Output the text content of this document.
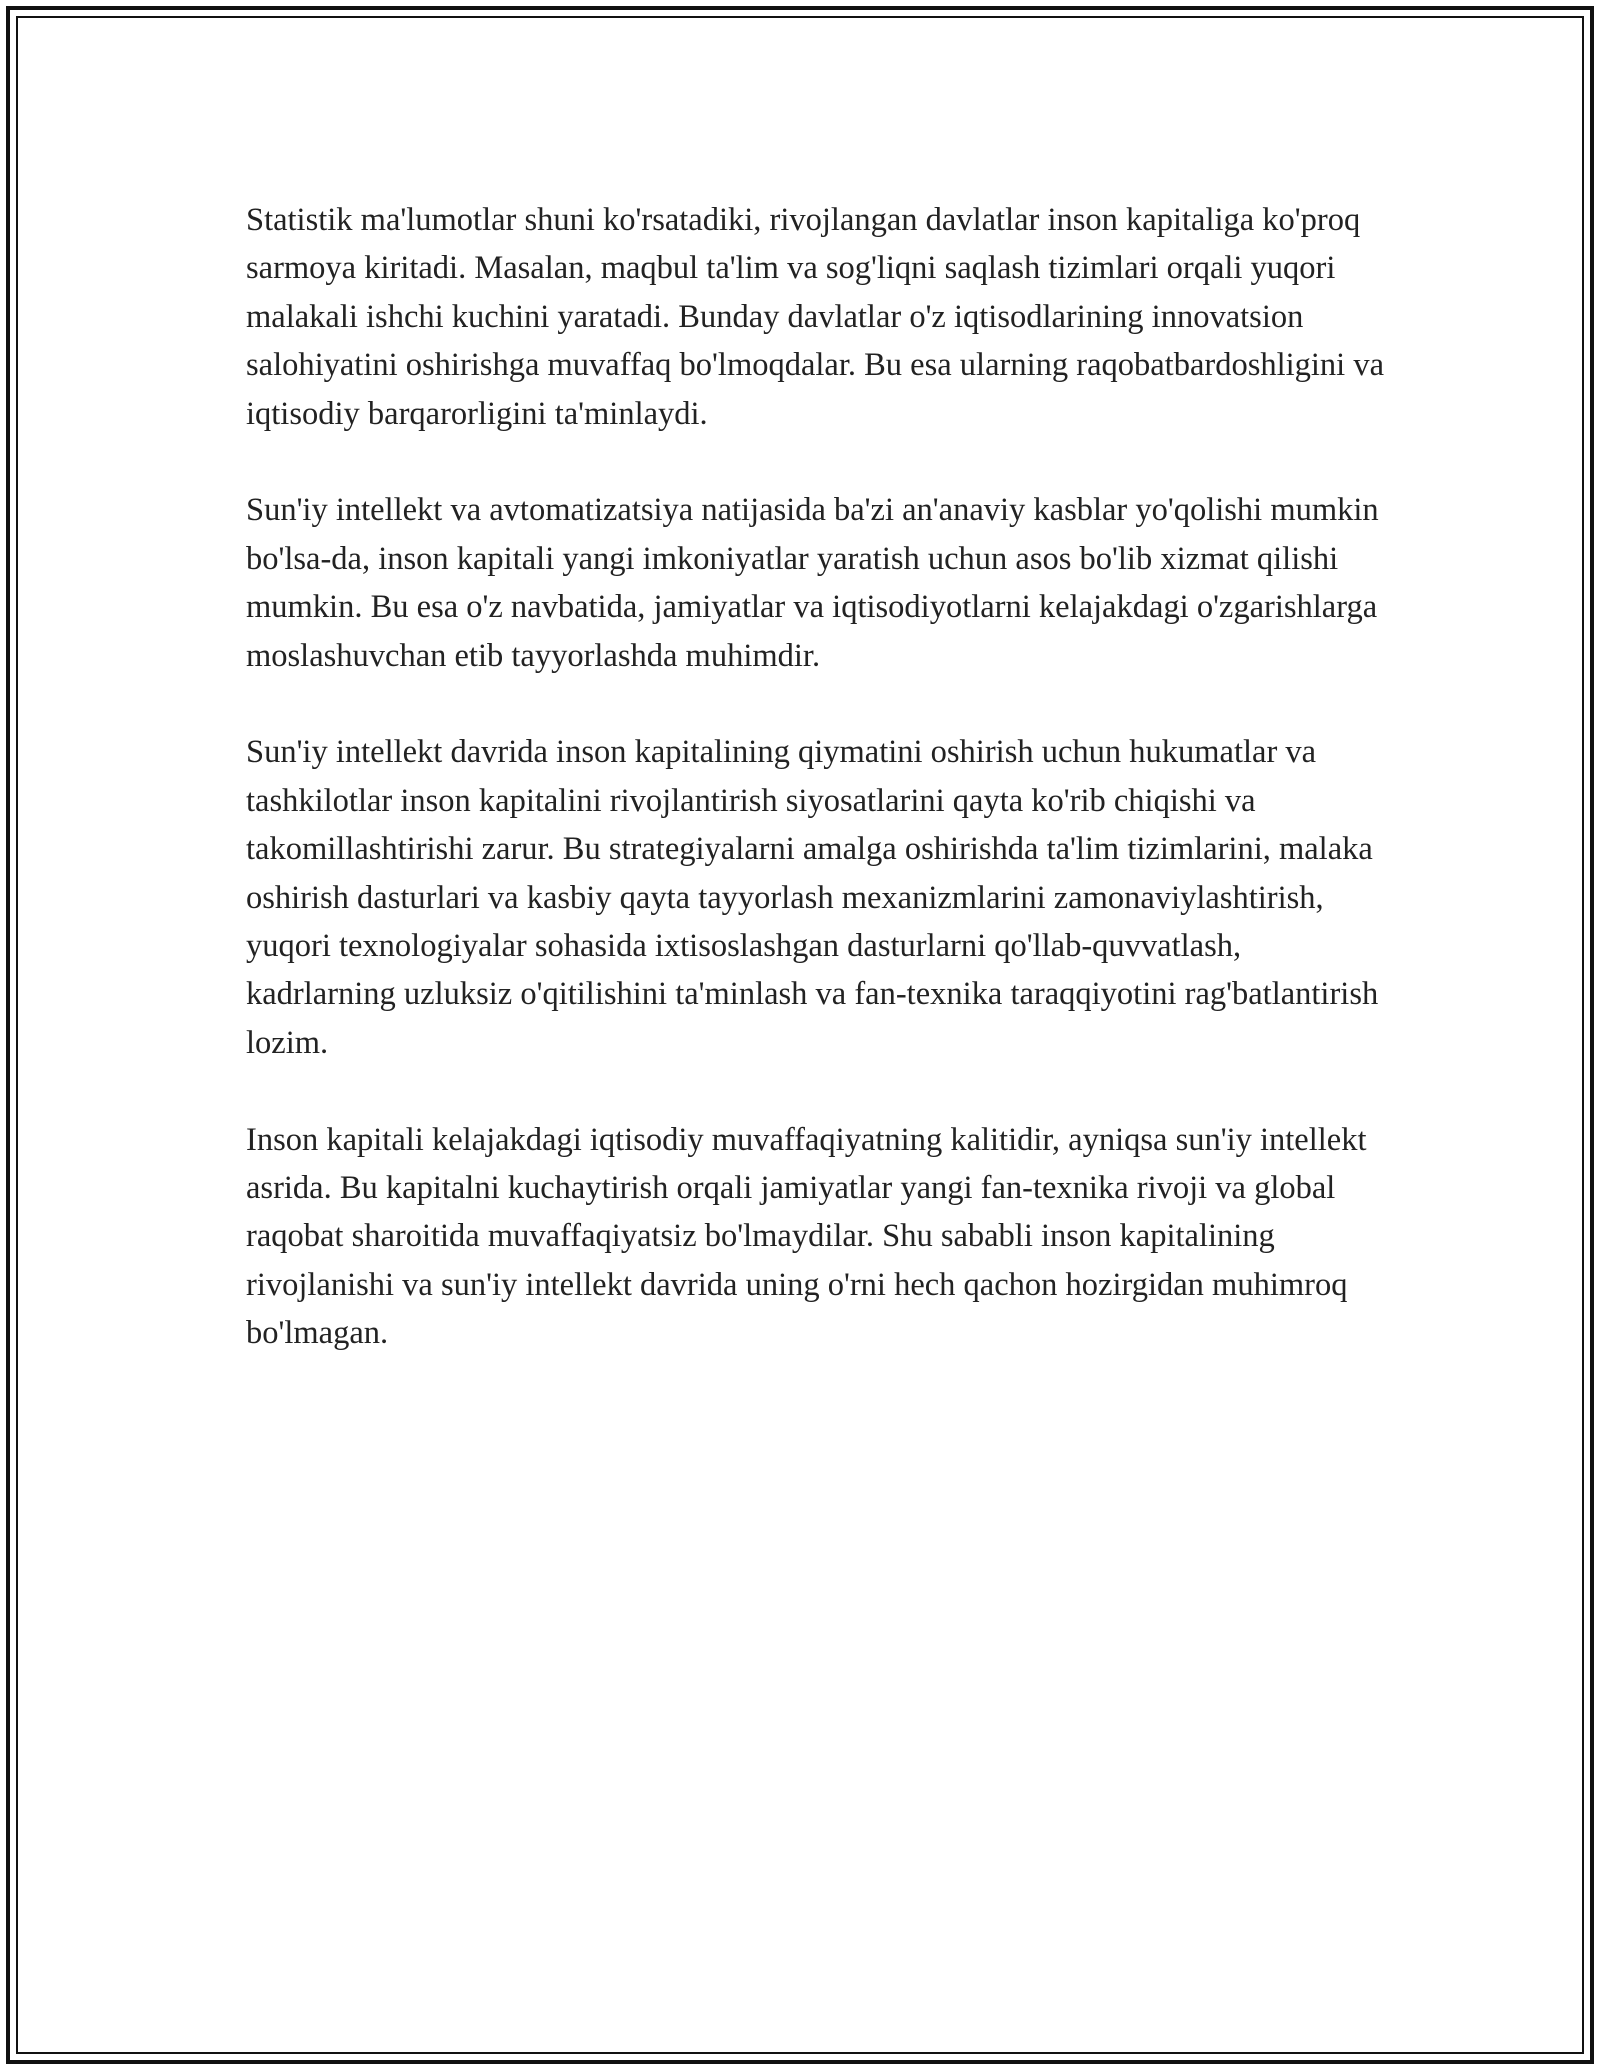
Statistik ma'lumotlar shuni ko'rsatadiki, rivojlangan davlatlar inson kapitaliga ko'proq sarmoya kiritadi. Masalan, maqbul ta'lim va sog'liqni saqlash tizimlari orqali yuqori malakali ishchi kuchini yaratadi. Bunday davlatlar o'z iqtisodlarining innovatsion salohiyatini oshirishga muvaffaq bo'lmoqdalar. Bu esa ularning raqobatbardoshligini va iqtisodiy barqarorligini ta'minlaydi.

Sun'iy intellekt va avtomatizatsiya natijasida ba'zi an'anaviy kasblar yo'qolishi mumkin bo'lsa-da, inson kapitali yangi imkoniyatlar yaratish uchun asos bo'lib xizmat qilishi mumkin. Bu esa o'z navbatida, jamiyatlar va iqtisodiyotlarni kelajakdagi o'zgarishlarga moslashuvchan etib tayyorlashda muhimdir.

Sun'iy intellekt davrida inson kapitalining qiymatini oshirish uchun hukumatlar va tashkilotlar inson kapitalini rivojlantirish siyosatlarini qayta ko'rib chiqishi va takomillashtirishi zarur. Bu strategiyalarni amalga oshirishda ta'lim tizimlarini, malaka oshirish dasturlari va kasbiy qayta tayyorlash mexanizmlarini zamonaviylashtirish, yuqori texnologiyalar sohasida ixtisoslashgan dasturlarni qo'llab-quvvatlash, kadrlarning uzluksiz o'qitilishini ta'minlash va fan-texnika taraqqiyotini rag'batlantirish lozim.

Inson kapitali kelajakdagi iqtisodiy muvaffaqiyatning kalitidir, ayniqsa sun'iy intellekt asrida. Bu kapitalni kuchaytirish orqali jamiyatlar yangi fan-texnika rivoji va global raqobat sharoitida muvaffaqiyatsiz bo'lmaydilar. Shu sababli inson kapitalining rivojlanishi va sun'iy intellekt davrida uning o'rni hech qachon hozirgidan muhimroq bo'lmagan.
